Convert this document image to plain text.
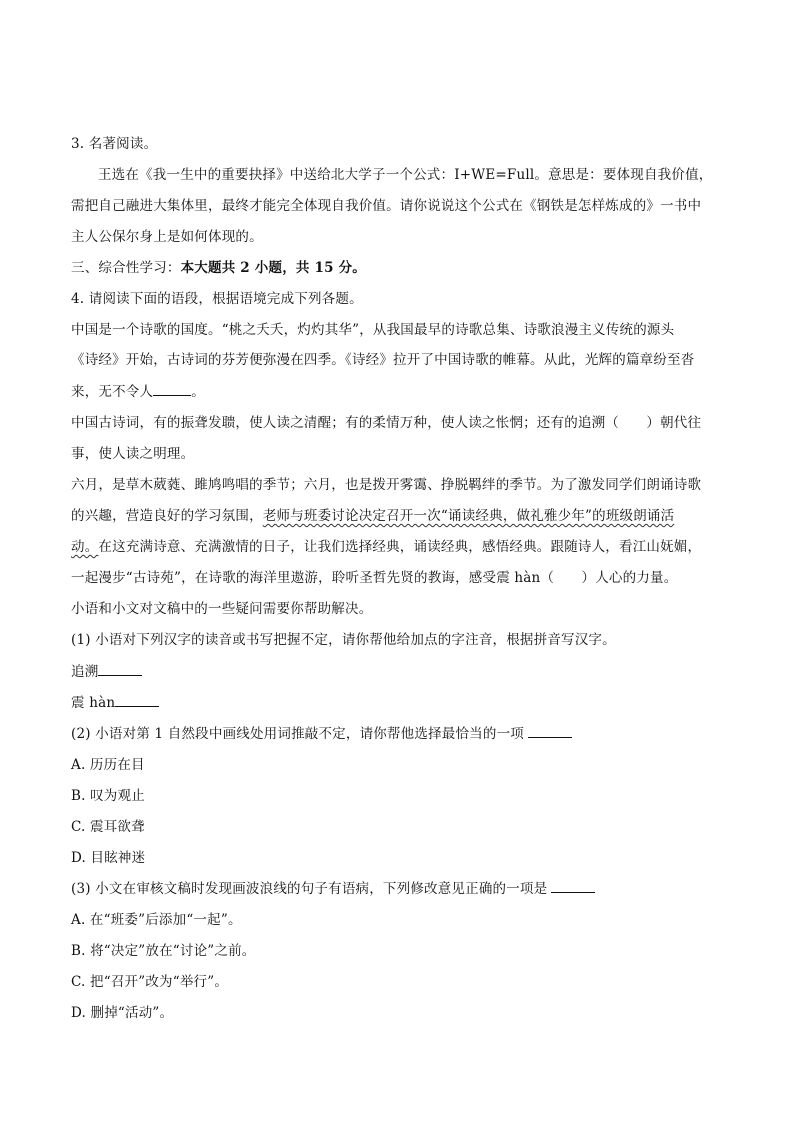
3. 名著阅读。
王选在《我一生中的重要抉择》中送给北大学子一个公式：I+WE=Full。意思是：要体现自我价值，
需把自己融进大集体里，最终才能完全体现自我价值。请你说说这个公式在《钢铁是怎样炼成的》一书中
主人公保尔身上是如何体现的。
三、综合性学习：本大题共 2 小题，共 15 分。
4. 请阅读下面的语段，根据语境完成下列各题。
中国是一个诗歌的国度。“桃之夭夭，灼灼其华”，从我国最早的诗歌总集、诗歌浪漫主义传统的源头
《诗经》开始，古诗词的芬芳便弥漫在四季。《诗经》拉开了中国诗歌的帷幕。从此，光辉的篇章纷至沓
来，无不令人	。
中国古诗词，有的振聋发聩，使人读之清醒；有的柔情万种，使人读之怅惘；还有的追溯（　　）朝代往
事，使人读之明理。
六月，是草木葳蕤、雎鸠鸣唱的季节；六月，也是拨开雾霭、挣脱羁绊的季节。为了激发同学们朗诵诗歌
的兴趣，营造良好的学习氛围，老师与班委讨论决定召开一次“诵读经典，做礼雅少年”的班级朗诵活
动。在这充满诗意、充满激情的日子，让我们选择经典，诵读经典，感悟经典。跟随诗人，看江山妩媚，
一起漫步“古诗苑”，在诗歌的海洋里遨游，聆听圣哲先贤的教诲，感受震 hàn（　　）人心的力量。
小语和小文对文稿中的一些疑问需要你帮助解决。
(1) 小语对下列汉字的读音或书写把握不定，请你帮他给加点的字注音，根据拼音写汉字。
追溯
震 hàn
(2) 小语对第 1 自然段中画线处用词推敲不定，请你帮他选择最恰当的一项
A. 历历在目
B. 叹为观止
C. 震耳欲聋
D. 目眩神迷
(3) 小文在审核文稿时发现画波浪线的句子有语病，下列修改意见正确的一项是
A. 在“班委”后添加“一起”。
B. 将“决定”放在“讨论”之前。
C. 把“召开”改为“举行”。
D. 删掉“活动”。
